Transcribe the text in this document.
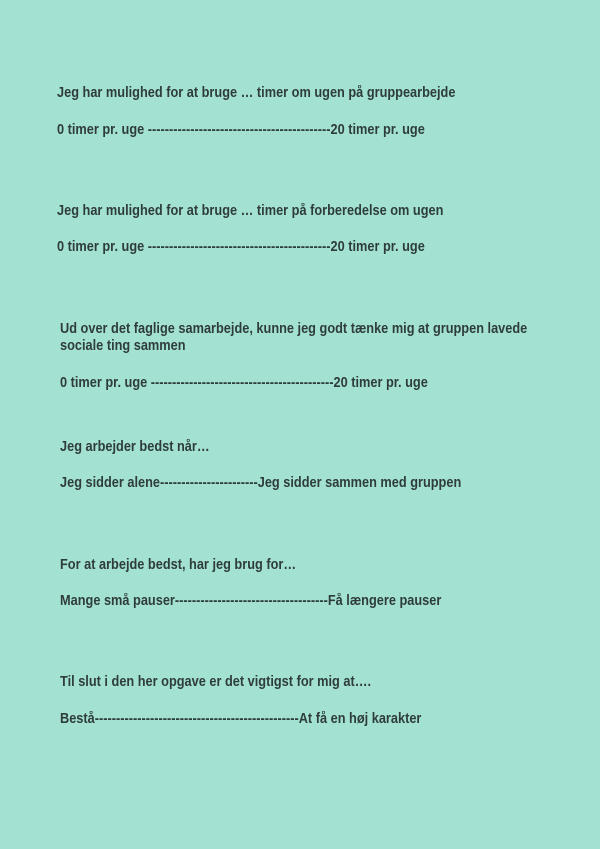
Jeg har mulighed for at bruge … timer om ugen på gruppearbejde
0 timer pr. uge -------------------------------------------20 timer pr. uge
Jeg har mulighed for at bruge … timer på forberedelse om ugen
0 timer pr. uge -------------------------------------------20 timer pr. uge
Ud over det faglige samarbejde, kunne jeg godt tænke mig at gruppen lavede sociale ting sammen
0 timer pr. uge -------------------------------------------20 timer pr. uge
Jeg arbejder bedst når…
Jeg sidder alene-----------------------Jeg sidder sammen med gruppen
For at arbejde bedst, har jeg brug for…
Mange små pauser------------------------------------Få længere pauser
Til slut i den her opgave er det vigtigst for mig at….
Bestå------------------------------------------------At få en høj karakter
